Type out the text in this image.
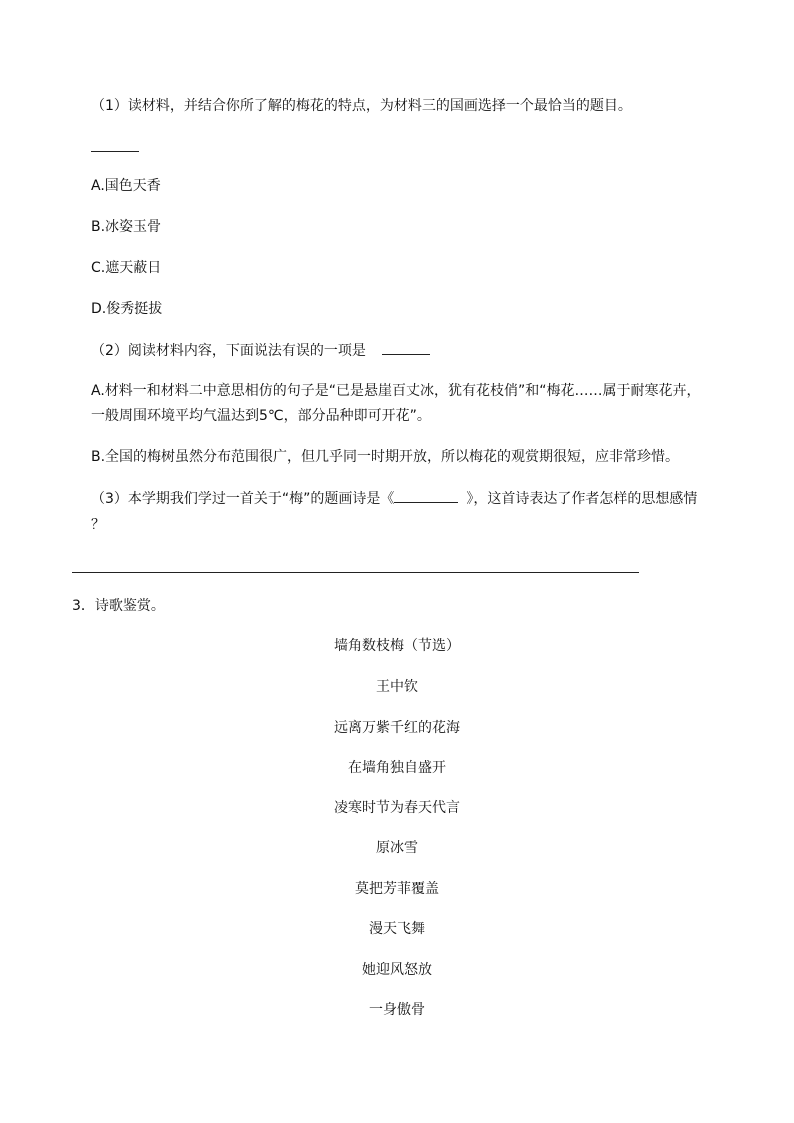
（1）读材料，并结合你所了解的梅花的特点，为材料三的国画选择一个最恰当的题目。
A.国色天香
B.冰姿玉骨
C.遮天蔽日
D.俊秀挺拔
（2）阅读材料内容，下面说法有误的一项是
A.材料一和材料二中意思相仿的句子是“已是悬崖百丈冰，犹有花枝俏”和“梅花……属于耐寒花卉，
一般周围环境平均气温达到5℃，部分品种即可开花”。
B.全国的梅树虽然分布范围很广，但几乎同一时期开放，所以梅花的观赏期很短，应非常珍惜。
（3）本学期我们学过一首关于“梅”的题画诗是《	》，这首诗表达了作者怎样的思想感情
？
3．诗歌鉴赏。
墙角数枝梅（节选）
王中钦
远离万紫千红的花海
在墙角独自盛开
凌寒时节为春天代言
原冰雪
莫把芳菲覆盖
漫天飞舞
她迎风怒放
一身傲骨
